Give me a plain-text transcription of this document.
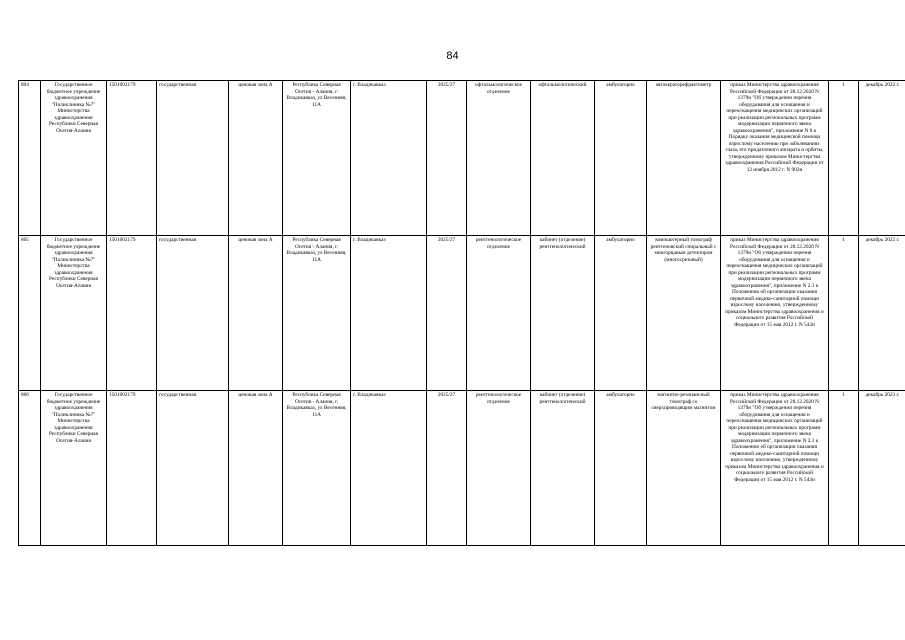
84
804	Государственное бюджетное учреждение здравоохранения "Поликлиника №7" Министерства здравоохранения Республики Северная Осетия-Алания	1501002179	государственная	ценовая зона А	Республика Северная Осетия - Алания, г. Владикавказ, ул Весенняя, 11А	г. Владикавказ	2025/27	офтальмологическое отделение	офтальмологический	амбулаторно	автокераторефрактометр	приказ Министерства здравоохранения Российской Федерации от 28.12.2020 N 1379н "Об утверждении перечня оборудования для оснащения и переоснащения медицинских организаций при реализации региональных программ модернизации первичного звена здравоохранения", приложение N 8 к Порядку оказания медицинской помощи взрослому населению при заболеваниях глаза, его придаточного аппарата и орбиты, утвержденному приказом Министерства здравоохранения Российской Федерации от 12 ноября 2012 г. N 902н	1	декабрь 2022 г.
805	Государственное бюджетное учреждение здравоохранения "Поликлиника №7" Министерства здравоохранения Республики Северная Осетия-Алания	1501002179	государственная	ценовая зона А	Республика Северная Осетия - Алания, г. Владикавказ, ул Весенняя, 11А	г. Владикавказ	2025/27	рентгенологическое отделение	кабинет (отделение) рентгенологический	амбулаторно	компьютерный томограф рентгеновский спиральный с многорядным детектором (многосрезовый)	приказ Министерства здравоохранения Российской Федерации от 28.12.2020 N 1379н "Об утверждении перечня оборудования для оснащения и переоснащения медицинских организаций при реализации региональных программ модернизации первичного звена здравоохранения", приложение N 2.1 к Положению об организации оказания первичной медико-санитарной помощи взрослому населению, утвержденному приказом Министерства здравоохранения и социального развития Российской Федерации от 15 мая 2012 г. N 543н	1	декабрь 2022 г.
806	Государственное бюджетное учреждение здравоохранения "Поликлиника №7" Министерства здравоохранения Республики Северная Осетия-Алания	1501002179	государственная	ценовая зона А	Республика Северная Осетия - Алания, г. Владикавказ, ул Весенняя, 11А	г. Владикавказ	2025/27	рентгенологическое отделение	кабинет (отделение) рентгенологический	амбулаторно	магнитно-резонансный томограф со сверхпроводящим магнитом	приказ Министерства здравоохранения Российской Федерации от 28.12.2020 N 1379н "Об утверждении перечня оборудования для оснащения и переоснащения медицинских организаций при реализации региональных программ модернизации первичного звена здравоохранения", приложение N 2.1 к Положению об организации оказания первичной медико-санитарной помощи взрослому населению, утвержденному приказом Министерства здравоохранения и социального развития Российской Федерации от 15 мая 2012 г. N 543н	1	декабрь 2023 г.
